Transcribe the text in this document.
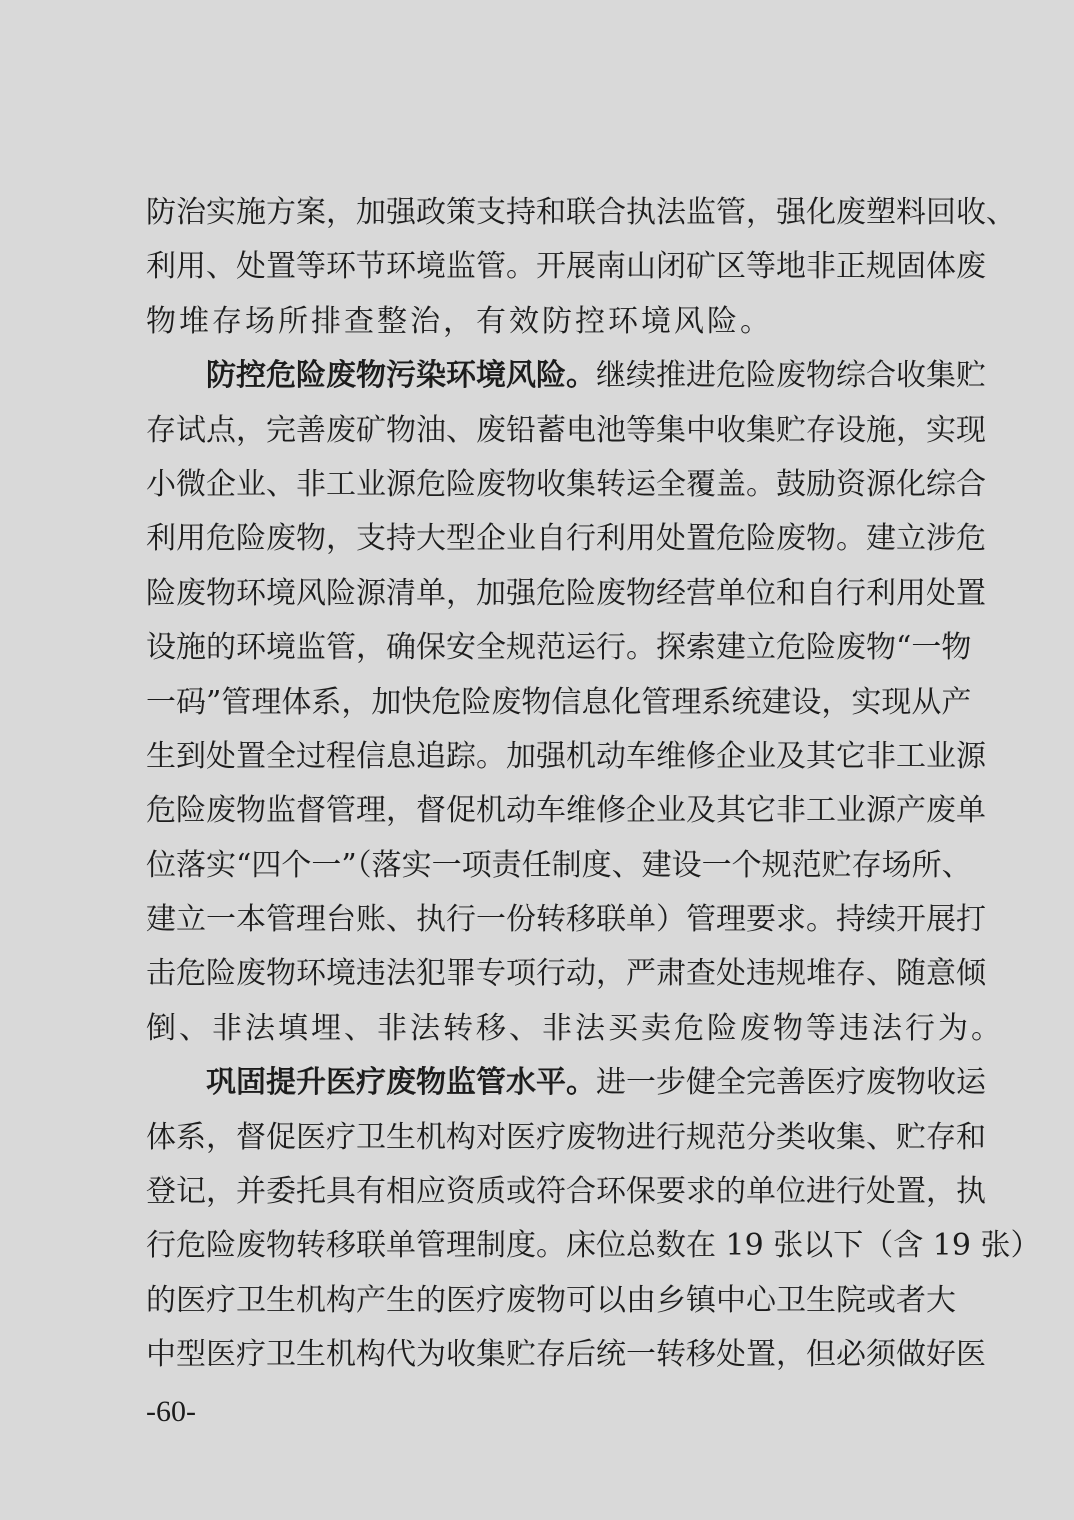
防治实施方案，加强政策支持和联合执法监管，强化废塑料回收、
利用、处置等环节环境监管。开展南山闭矿区等地非正规固体废
物堆存场所排查整治，有效防控环境风险。
防控危险废物污染环境风险。继续推进危险废物综合收集贮
存试点，完善废矿物油、废铅蓄电池等集中收集贮存设施，实现
小微企业、非工业源危险废物收集转运全覆盖。鼓励资源化综合
利用危险废物，支持大型企业自行利用处置危险废物。建立涉危
险废物环境风险源清单，加强危险废物经营单位和自行利用处置
设施的环境监管，确保安全规范运行。探索建立危险废物“一物
一码”管理体系，加快危险废物信息化管理系统建设，实现从产
生到处置全过程信息追踪。加强机动车维修企业及其它非工业源
危险废物监督管理，督促机动车维修企业及其它非工业源产废单
位落实“四个一”（落实一项责任制度、建设一个规范贮存场所、
建立一本管理台账、执行一份转移联单）管理要求。持续开展打
击危险废物环境违法犯罪专项行动，严肃查处违规堆存、随意倾
倒、非法填埋、非法转移、非法买卖危险废物等违法行为。
巩固提升医疗废物监管水平。进一步健全完善医疗废物收运
体系，督促医疗卫生机构对医疗废物进行规范分类收集、贮存和
登记，并委托具有相应资质或符合环保要求的单位进行处置，执
行危险废物转移联单管理制度。床位总数在 19 张以下（含 19 张）
的医疗卫生机构产生的医疗废物可以由乡镇中心卫生院或者大
中型医疗卫生机构代为收集贮存后统一转移处置，但必须做好医
-60-
